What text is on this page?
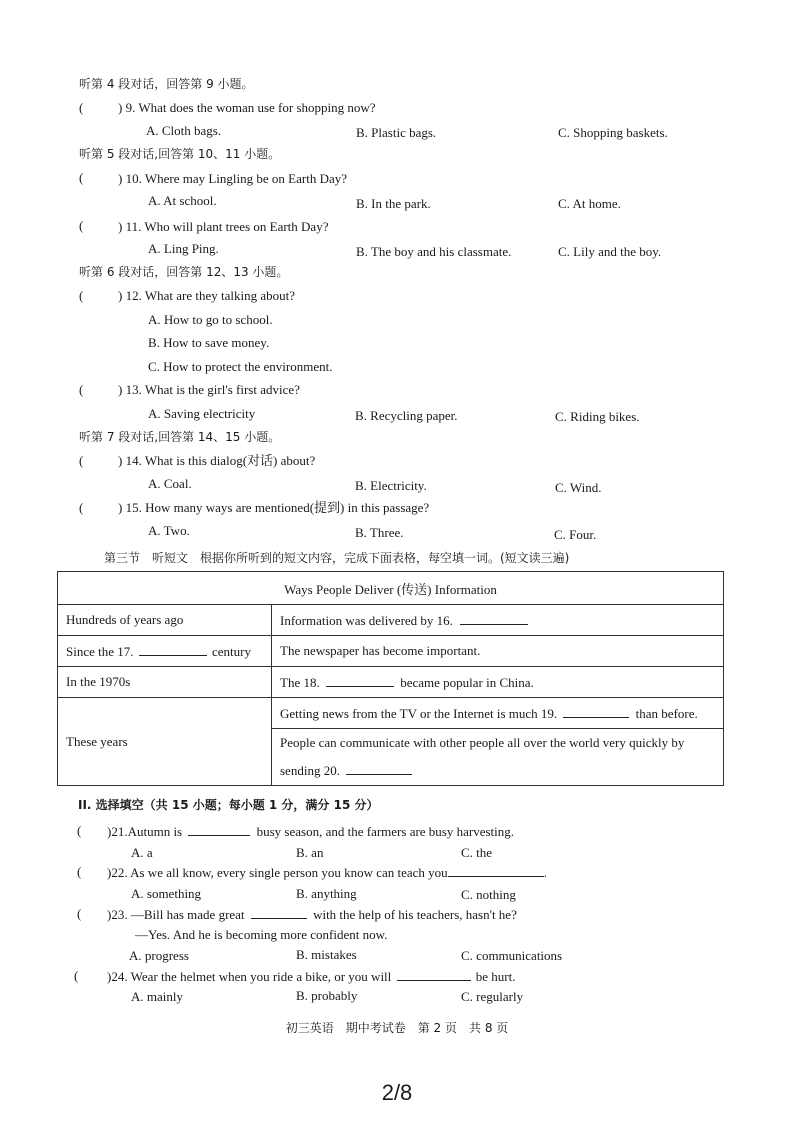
听第 4 段对话，回答第 9 小题。
(	) 9. What does the woman use for shopping now?
A. Cloth bags.	B. Plastic bags.	C. Shopping baskets.
听第 5 段对话,回答第 10、11 小题。
(	) 10. Where may Lingling be on Earth Day?
A. At school.	B. In the park.	C. At home.
(	) 11. Who will plant trees on Earth Day?
A. Ling Ping.	B. The boy and his classmate.	C. Lily and the boy.
听第 6 段对话，回答第 12、13 小题。
(	) 12. What are they talking about?
A. How to go to school.
B. How to save money.
C. How to protect the environment.
(	) 13. What is the girl's first advice?
A. Saving electricity	B. Recycling paper.	C. Riding bikes.
听第 7 段对话,回答第 14、15 小题。
(	) 14. What is this dialog(对话) about?
A. Coal.	B. Electricity.	C. Wind.
(	) 15. How many ways are mentioned(提到) in this passage?
A. Two.	B. Three.	C. Four.
第三节　听短文　根据你所听到的短文内容，完成下面表格，每空填一词。(短文读三遍)
Ways People Deliver (传送) Information	
Hundreds of years ago	Information was delivered by 16.
Since the 17. century	The newspaper has become important.
In the 1970s	The 18. became popular in China.
These years	Getting news from the TV or the Internet is much 19. than before.
	People can communicate with other people all over the world very quickly by
sending 20.
II. 选择填空（共 15 小题；每小题 1 分，满分 15 分）
( )21.Autumn is	busy season, and the farmers are busy harvesting.
A. a	B. an	C. the
( )22. As we all know, every single person you know can teach you	.
A. something	B. anything	C. nothing
( )23. —Bill has made great	with the help of his teachers, hasn't he?
—Yes. And he is becoming more confident now.
A. progress	B. mistakes	C. communications
( )24. Wear the helmet when you ride a bike, or you will	be hurt.
A. mainly	B. probably	C. regularly
初三英语　期中考试卷　第 2 页　共 8 页
2/8
